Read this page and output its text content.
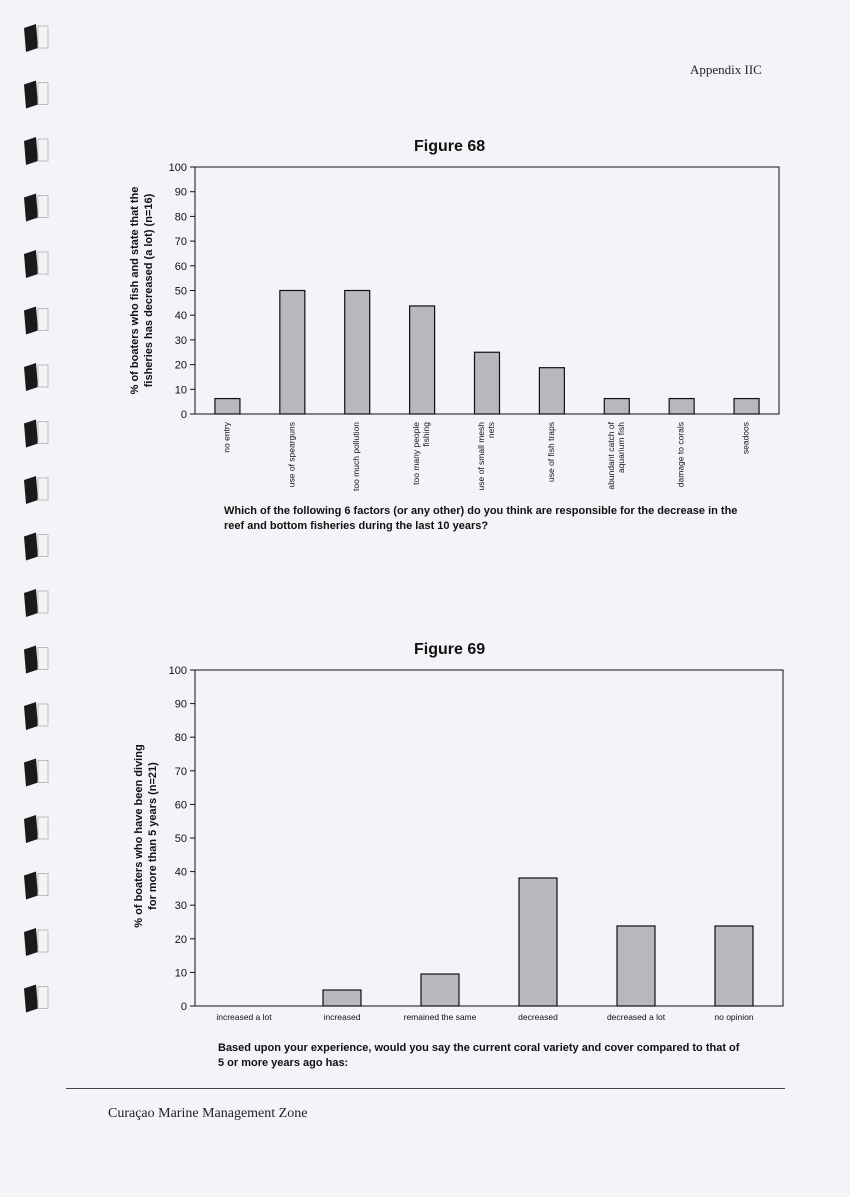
Appendix IIC
Figure 68
0
10
20
30
40
50
60
70
80
90
100
% of boaters who fish and state that the fisheries has decreased (a lot) (n=16)
no entry	use of spearguns	too much pollution	too many peoplefishing	use of small meshnets	use of fish traps	abundant catch ofaquarium fish	damage to corals	seadoos
Which of the following 6 factors (or any other) do you think are responsible for the decrease in the
reef and bottom fisheries during the last 10 years?
Figure 69
0
10
20
30
40
50
60
70
80
90
100
% of boaters who have been diving for more than 5 years (n=21)
increased a lot	increased	remained the same	decreased	decreased a lot	no opinion
Based upon your experience, would you say the current coral variety and cover compared to that of
5 or more years ago has:
Curaçao Marine Management Zone
